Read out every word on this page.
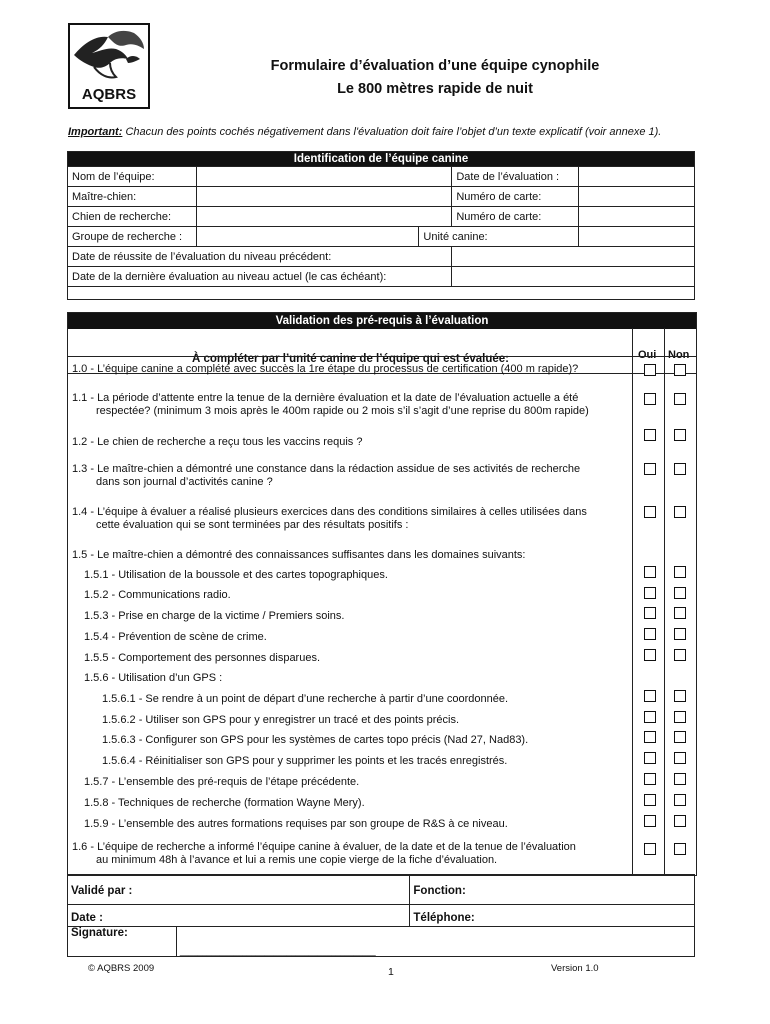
AQBRS
Formulaire d’évaluation d’une équipe cynophile
Le 800 mètres rapide de nuit
Important: Chacun des points cochés négativement dans l'évaluation doit faire l’objet d’un texte explicatif (voir annexe 1).
Identification de l’équipe canine				
Nom de l’équipe:			Date de l’évaluation :	
Maître-chien:			Numéro de carte:	
Chien de recherche:			Numéro de carte:	
Groupe de recherche :		Unité canine:		
Date de réussite de l’évaluation du niveau précédent:				
Date de la dernière évaluation au niveau actuel (le cas échéant):				

Validation des pré-requis à l’évaluation
À compléter par l’unité canine de l’équipe qui est évaluée:	Oui Non
1.0 - L’équipe canine a complété avec succès la 1re étape du processus de certification (400 m rapide)?
1.1 - La période d’attente entre la tenue de la dernière évaluation et la date de l’évaluation actuelle a été
respectée? (minimum 3 mois après le 400m rapide ou 2 mois s’il s’agit d’une reprise du 800m rapide)
1.2 - Le chien de recherche a reçu tous les vaccins requis ?
1.3 - Le maître-chien a démontré une constance dans la rédaction assidue de ses activités de recherche
dans son journal d’activités canine ?
1.4 - L’équipe à évaluer a réalisé plusieurs exercices dans des conditions similaires à celles utilisées dans
cette évaluation qui se sont terminées par des résultats positifs :
1.5 - Le maître-chien a démontré des connaissances suffisantes dans les domaines suivants:
1.5.1 - Utilisation de la boussole et des cartes topographiques.
1.5.2 - Communications radio.
1.5.3 - Prise en charge de la victime / Premiers soins.
1.5.4 - Prévention de scène de crime.
1.5.5 - Comportement des personnes disparues.
1.5.6 - Utilisation d’un GPS :
1.5.6.1 - Se rendre à un point de départ d’une recherche à partir d’une coordonnée.
1.5.6.2 - Utiliser son GPS pour y enregistrer un tracé et des points précis.
1.5.6.3 - Configurer son GPS pour les systèmes de cartes topo précis (Nad 27, Nad83).
1.5.6.4 - Réinitialiser son GPS pour y supprimer les points et les tracés enregistrés.
1.5.7 - L’ensemble des pré-requis de l’étape précédente.
1.5.8 - Techniques de recherche (formation Wayne Mery).
1.5.9 - L’ensemble des autres formations requises par son groupe de R&S à ce niveau.
1.6 - L’équipe de recherche a informé l’équipe canine à évaluer, de la date et de la tenue de l’évaluation
au minimum 48h à l’avance et lui a remis une copie vierge de la fiche d’évaluation.
Validé par :		Fonction:
Date :		Téléphone:
Signature:	____________________________________________	
© AQBRS 2009	1	Version 1.0
